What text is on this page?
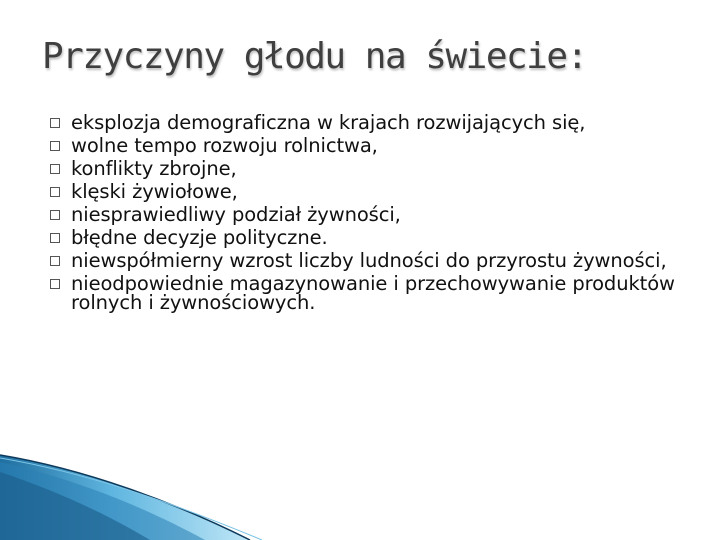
Przyczyny głodu na świecie:
eksplozja demograficzna w krajach rozwijających się,
wolne tempo rozwoju rolnictwa,
konflikty zbrojne,
klęski żywiołowe,
niesprawiedliwy podział żywności,
błędne decyzje polityczne.
niewspółmierny wzrost liczby ludności do przyrostu żywności,
nieodpowiednie magazynowanie i przechowywanie produktów rolnych i żywnościowych.
